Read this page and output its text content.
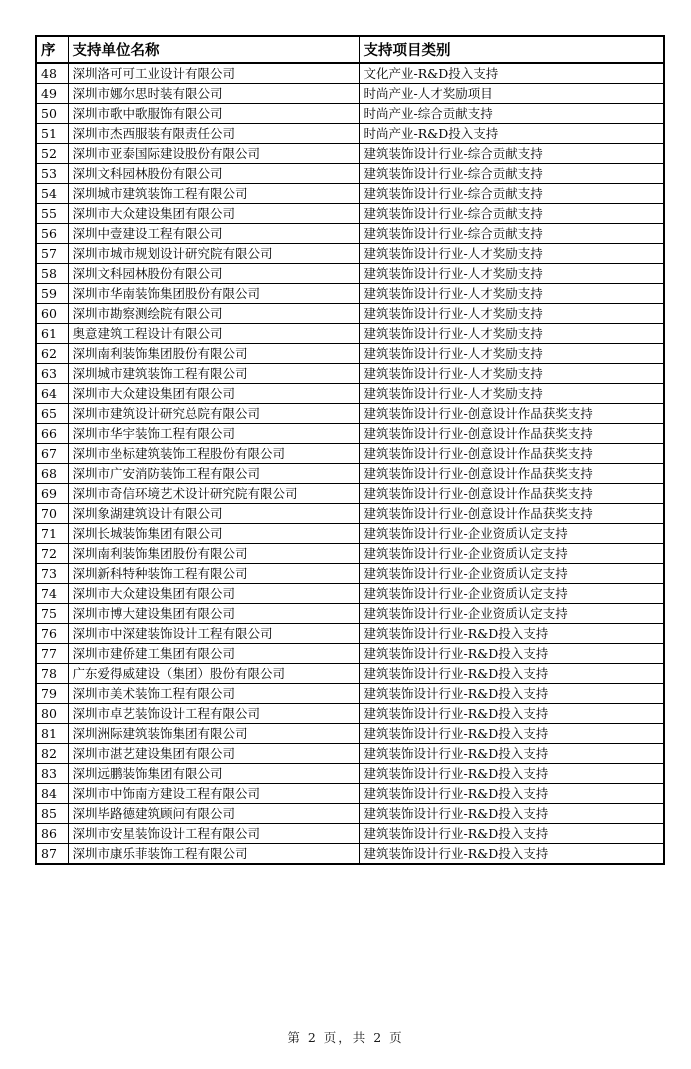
序	支持单位名称	支持项目类别
48	深圳洛可可工业设计有限公司	文化产业-R&D投入支持
49	深圳市娜尔思时装有限公司	时尚产业-人才奖励项目
50	深圳市歌中歌服饰有限公司	时尚产业-综合贡献支持
51	深圳市杰西服装有限责任公司	时尚产业-R&D投入支持
52	深圳市亚泰国际建设股份有限公司	建筑装饰设计行业-综合贡献支持
53	深圳文科园林股份有限公司	建筑装饰设计行业-综合贡献支持
54	深圳城市建筑装饰工程有限公司	建筑装饰设计行业-综合贡献支持
55	深圳市大众建设集团有限公司	建筑装饰设计行业-综合贡献支持
56	深圳中壹建设工程有限公司	建筑装饰设计行业-综合贡献支持
57	深圳市城市规划设计研究院有限公司	建筑装饰设计行业-人才奖励支持
58	深圳文科园林股份有限公司	建筑装饰设计行业-人才奖励支持
59	深圳市华南装饰集团股份有限公司	建筑装饰设计行业-人才奖励支持
60	深圳市勘察测绘院有限公司	建筑装饰设计行业-人才奖励支持
61	奥意建筑工程设计有限公司	建筑装饰设计行业-人才奖励支持
62	深圳南利装饰集团股份有限公司	建筑装饰设计行业-人才奖励支持
63	深圳城市建筑装饰工程有限公司	建筑装饰设计行业-人才奖励支持
64	深圳市大众建设集团有限公司	建筑装饰设计行业-人才奖励支持
65	深圳市建筑设计研究总院有限公司	建筑装饰设计行业-创意设计作品获奖支持
66	深圳市华宇装饰工程有限公司	建筑装饰设计行业-创意设计作品获奖支持
67	深圳市坐标建筑装饰工程股份有限公司	建筑装饰设计行业-创意设计作品获奖支持
68	深圳市广安消防装饰工程有限公司	建筑装饰设计行业-创意设计作品获奖支持
69	深圳市奇信环境艺术设计研究院有限公司	建筑装饰设计行业-创意设计作品获奖支持
70	深圳象湖建筑设计有限公司	建筑装饰设计行业-创意设计作品获奖支持
71	深圳长城装饰集团有限公司	建筑装饰设计行业-企业资质认定支持
72	深圳南利装饰集团股份有限公司	建筑装饰设计行业-企业资质认定支持
73	深圳新科特种装饰工程有限公司	建筑装饰设计行业-企业资质认定支持
74	深圳市大众建设集团有限公司	建筑装饰设计行业-企业资质认定支持
75	深圳市博大建设集团有限公司	建筑装饰设计行业-企业资质认定支持
76	深圳市中深建装饰设计工程有限公司	建筑装饰设计行业-R&D投入支持
77	深圳市建侨建工集团有限公司	建筑装饰设计行业-R&D投入支持
78	广东爱得威建设（集团）股份有限公司	建筑装饰设计行业-R&D投入支持
79	深圳市美术装饰工程有限公司	建筑装饰设计行业-R&D投入支持
80	深圳市卓艺装饰设计工程有限公司	建筑装饰设计行业-R&D投入支持
81	深圳洲际建筑装饰集团有限公司	建筑装饰设计行业-R&D投入支持
82	深圳市湛艺建设集团有限公司	建筑装饰设计行业-R&D投入支持
83	深圳远鹏装饰集团有限公司	建筑装饰设计行业-R&D投入支持
84	深圳市中饰南方建设工程有限公司	建筑装饰设计行业-R&D投入支持
85	深圳毕路德建筑顾问有限公司	建筑装饰设计行业-R&D投入支持
86	深圳市安星装饰设计工程有限公司	建筑装饰设计行业-R&D投入支持
87	深圳市康乐菲装饰工程有限公司	建筑装饰设计行业-R&D投入支持
第 2 页，共 2 页
